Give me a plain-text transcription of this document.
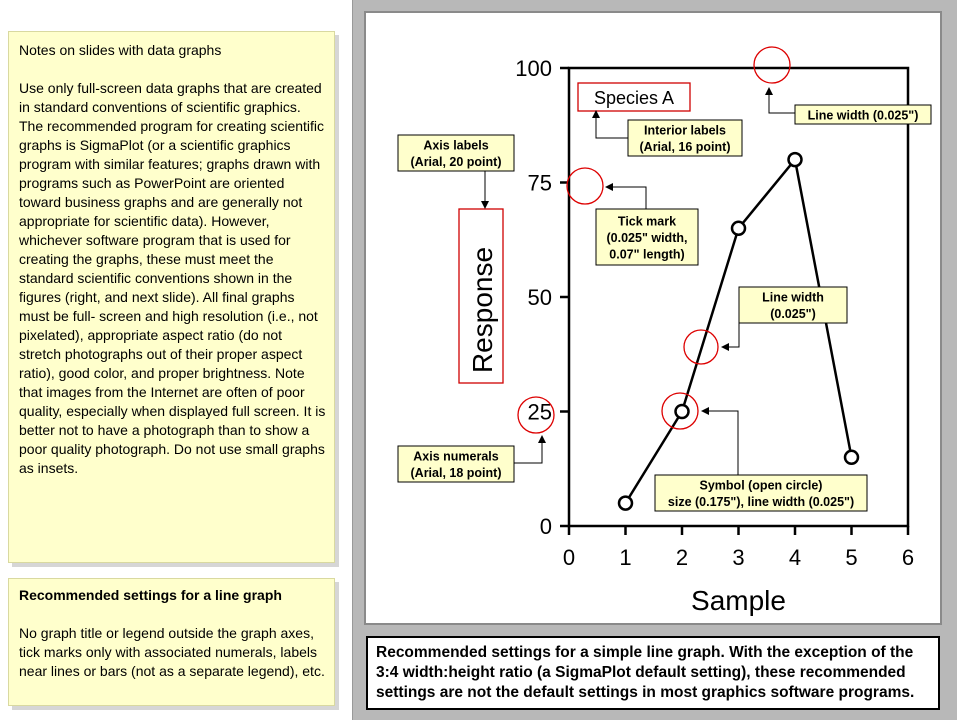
Notes on slides with data graphs

Use only full-screen data graphs that are created in standard conventions of scientific graphics. The recommended program for creating scientific graphs is SigmaPlot (or a scientific graphics program with similar features; graphs drawn with programs such as PowerPoint are oriented toward business graphs and are generally not appropriate for scientific data). However, whichever software program that is used for creating the graphs, these must meet the standard scientific conventions shown in the figures (right, and next slide). All final graphs must be full- screen and high resolution (i.e., not pixelated), appropriate aspect ratio (do not stretch photographs out of their proper aspect ratio), good color, and proper brightness. Note that images from the Internet are often of poor quality, especially when displayed full screen. It is better not to have a photograph than to show a poor quality photograph. Do not use small graphs as insets.

Recommended settings for a line graph

No graph title or legend outside the graph axes, tick marks only with associated numerals, labels near lines or bars (not as a separate legend), etc.

0
25
50
75
100
0 1 2 3 4 5 6
Sample
Response
Species A
Axis labels
(Arial, 20 point)
Interior labels
(Arial, 16 point)
Line width (0.025")
Tick mark
(0.025" width,
0.07" length)
Line width
(0.025")
Axis numerals
(Arial, 18 point)
Symbol (open circle)
size (0.175"), line width (0.025")
Recommended settings for a simple line graph. With the exception of the 3:4 width:height ratio (a SigmaPlot default setting), these recommended settings are not the default settings in most graphics software programs.
